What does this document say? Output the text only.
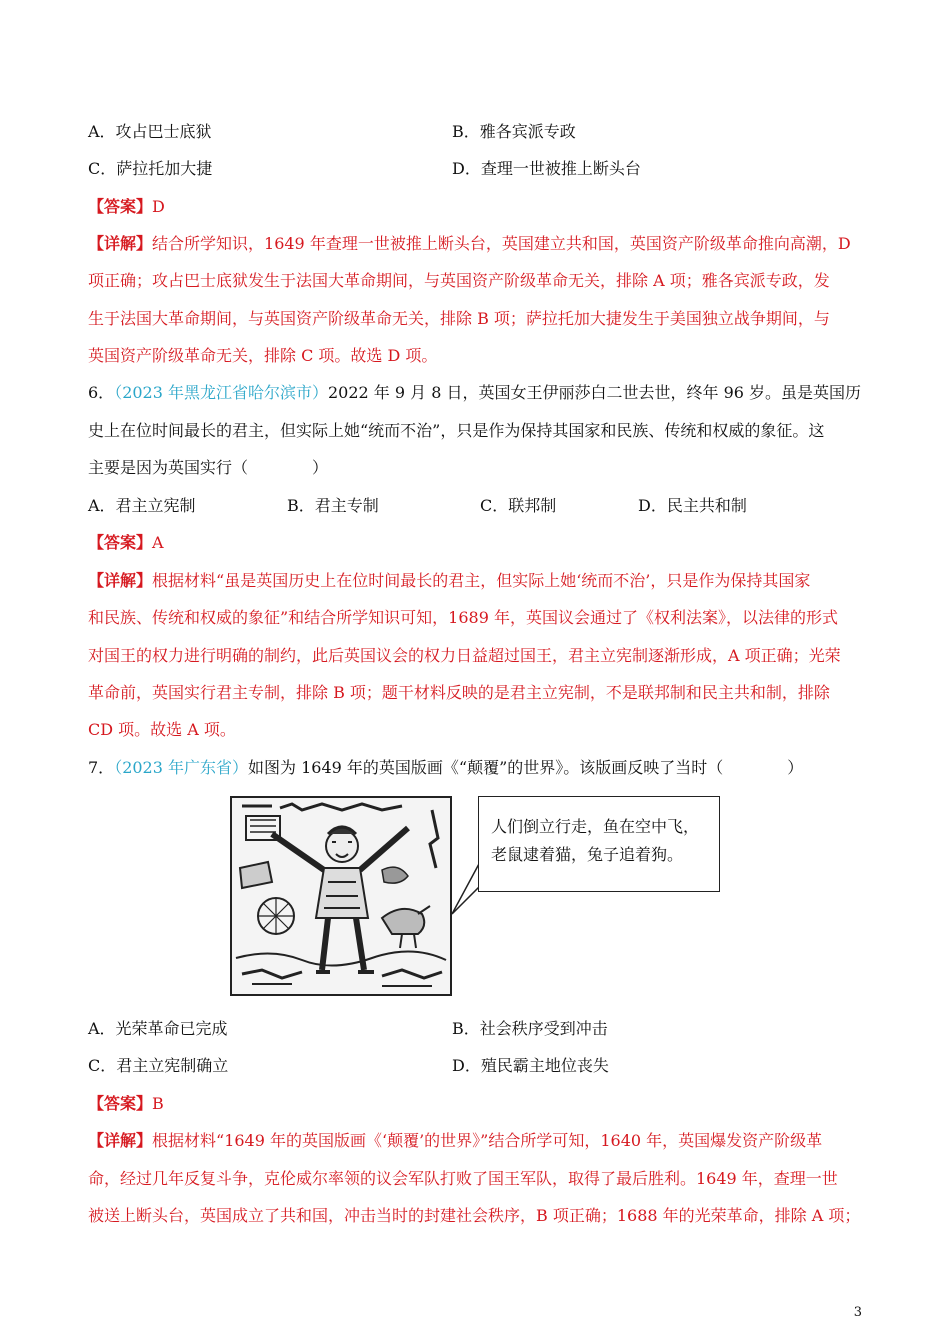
A．攻占巴士底狱	B．雅各宾派专政
C．萨拉托加大捷	D．查理一世被推上断头台
【答案】D
【详解】结合所学知识，1649 年查理一世被推上断头台，英国建立共和国，英国资产阶级革命推向高潮，D
项正确；攻占巴士底狱发生于法国大革命期间，与英国资产阶级革命无关，排除 A 项；雅各宾派专政，发
生于法国大革命期间，与英国资产阶级革命无关，排除 B 项；萨拉托加大捷发生于美国独立战争期间，与
英国资产阶级革命无关，排除 C 项。故选 D 项。
6．（2023 年黑龙江省哈尔滨市）2022 年 9 月 8 日，英国女王伊丽莎白二世去世，终年 96 岁。虽是英国历
史上在位时间最长的君主，但实际上她“统而不治”，只是作为保持其国家和民族、传统和权威的象征。这
主要是因为英国实行（　　　　）
A．君主立宪制	B．君主专制	C．联邦制	D．民主共和制
【答案】A
【详解】根据材料“虽是英国历史上在位时间最长的君主，但实际上她‘统而不治’，只是作为保持其国家
和民族、传统和权威的象征”和结合所学知识可知，1689 年，英国议会通过了《权利法案》，以法律的形式
对国王的权力进行明确的制约，此后英国议会的权力日益超过国王，君主立宪制逐渐形成，A 项正确；光荣
革命前，英国实行君主专制，排除 B 项；题干材料反映的是君主立宪制，不是联邦制和民主共和制，排除
CD 项。故选 A 项。
7．（2023 年广东省）如图为 1649 年的英国版画《“颠覆”的世界》。该版画反映了当时（　　　　）
人们倒立行走，鱼在空中飞，
老鼠逮着猫，兔子追着狗。
A．光荣革命已完成	B．社会秩序受到冲击
C．君主立宪制确立	D．殖民霸主地位丧失
【答案】B
【详解】根据材料“1649 年的英国版画《‘颠覆’的世界》”结合所学可知，1640 年，英国爆发资产阶级革
命，经过几年反复斗争，克伦威尔率领的议会军队打败了国王军队，取得了最后胜利。1649 年，查理一世
被送上断头台，英国成立了共和国，冲击当时的封建社会秩序，B 项正确；1688 年的光荣革命，排除 A 项；
3
